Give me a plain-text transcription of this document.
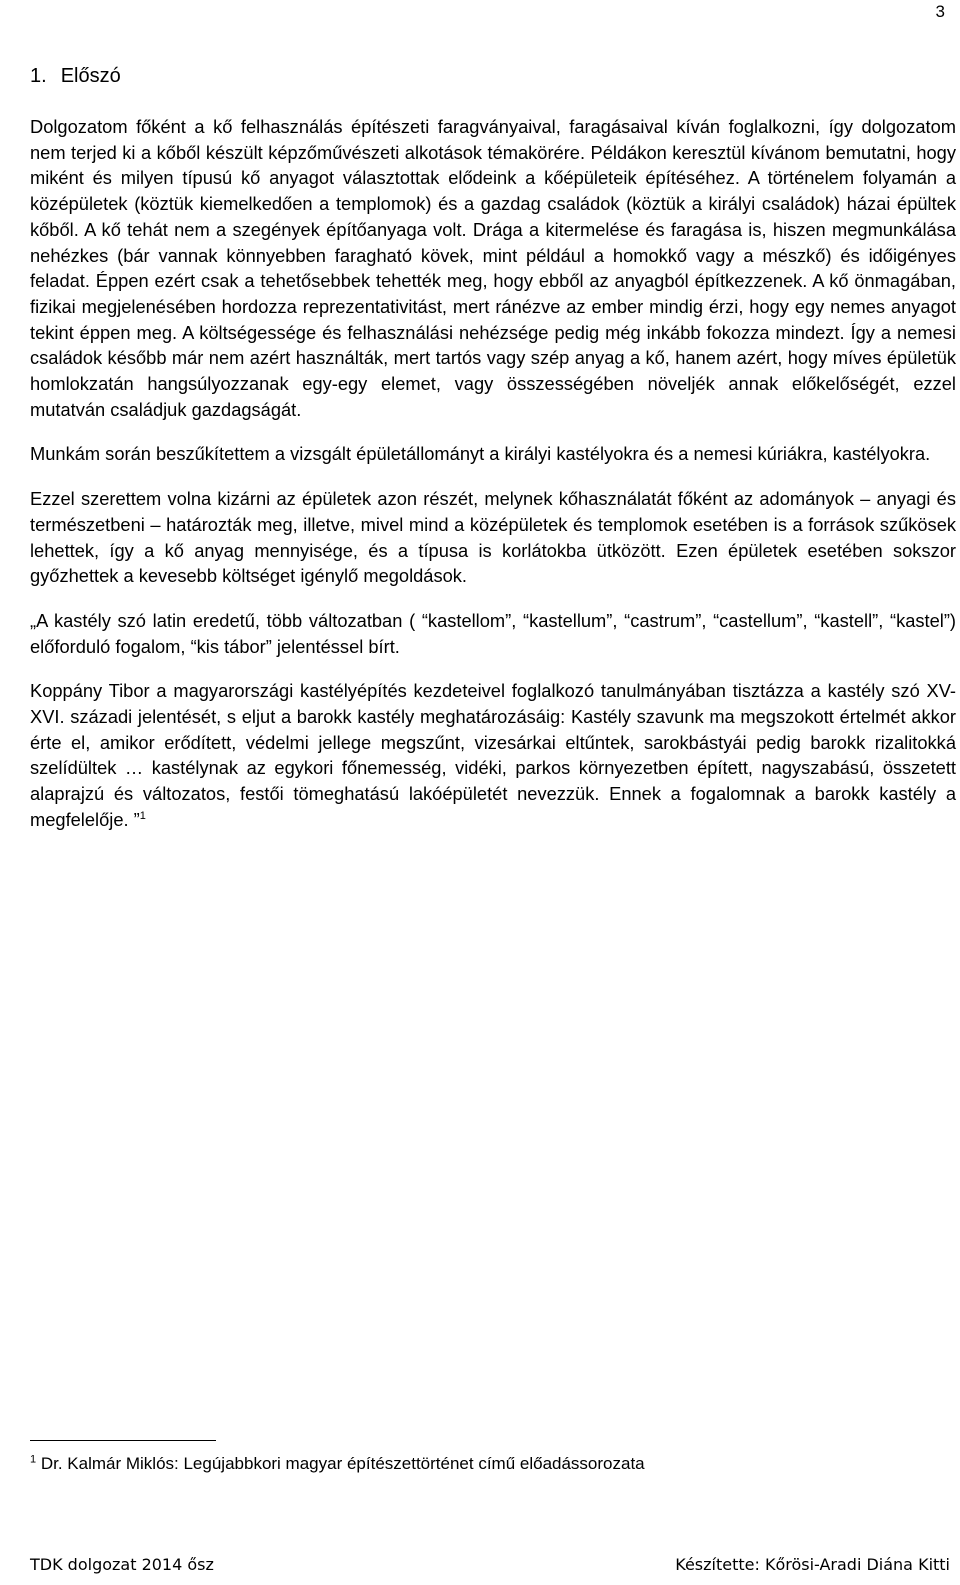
3
1. Előszó

Dolgozatom főként a kő felhasználás építészeti faragványaival, faragásaival kíván foglalkozni, így dolgozatom nem terjed ki a kőből készült képzőművészeti alkotások témakörére. Példákon keresztül kívánom bemutatni, hogy miként és milyen típusú kő anyagot választottak elődeink a kőépületeik építéséhez. A történelem folyamán a középületek (köztük kiemelkedően a templomok) és a gazdag családok (köztük a királyi családok) házai épültek kőből. A kő tehát nem a szegények építőanyaga volt. Drága a kitermelése és faragása is, hiszen megmunkálása nehézkes (bár vannak könnyebben faragható kövek, mint például a homokkő vagy a mészkő) és időigényes feladat. Éppen ezért csak a tehetősebbek tehették meg, hogy ebből az anyagból építkezzenek. A kő önmagában, fizikai megjelenésében hordozza reprezentativitást, mert ránézve az ember mindig érzi, hogy egy nemes anyagot tekint éppen meg. A költségessége és felhasználási nehézsége pedig még inkább fokozza mindezt. Így a nemesi családok később már nem azért használták, mert tartós vagy szép anyag a kő, hanem azért, hogy míves épületük homlokzatán hangsúlyozzanak egy-egy elemet, vagy összességében növeljék annak előkelőségét, ezzel mutatván családjuk gazdagságát.

Munkám során beszűkítettem a vizsgált épületállományt a királyi kastélyokra és a nemesi kúriákra, kastélyokra.

Ezzel szerettem volna kizárni az épületek azon részét, melynek kőhasználatát főként az adományok – anyagi és természetbeni – határozták meg, illetve, mivel mind a középületek és templomok esetében is a források szűkösek lehettek, így a kő anyag mennyisége, és a típusa is korlátokba ütközött. Ezen épületek esetében sokszor győzhettek a kevesebb költséget igénylő megoldások.

„A kastély szó latin eredetű, több változatban ( “kastellom”, “kastellum”, “castrum”, “castellum”, “kastell”, “kastel”) előforduló fogalom, “kis tábor” jelentéssel bírt.

Koppány Tibor a magyarországi kastélyépítés kezdeteivel foglalkozó tanulmányában tisztázza a kastély szó XV-XVI. századi jelentését, s eljut a barokk kastély meghatározásáig: Kastély szavunk ma megszokott értelmét akkor érte el, amikor erődített, védelmi jellege megszűnt, vizesárkai eltűntek, sarokbástyái pedig barokk rizalitokká szelídültek … kastélynak az egykori főnemesség, vidéki, parkos környezetben épített, nagyszabású, összetett alaprajzú és változatos, festői tömeghatású lakóépületét nevezzük. Ennek a fogalomnak a barokk kastély a megfelelője. ”$^1$

$^1$ Dr. Kalmár Miklós: Legújabbkori magyar építészettörténet című előadássorozata
TDK dolgozat 2014 ősz	Készítette: Kőrösi-Aradi Diána Kitti
